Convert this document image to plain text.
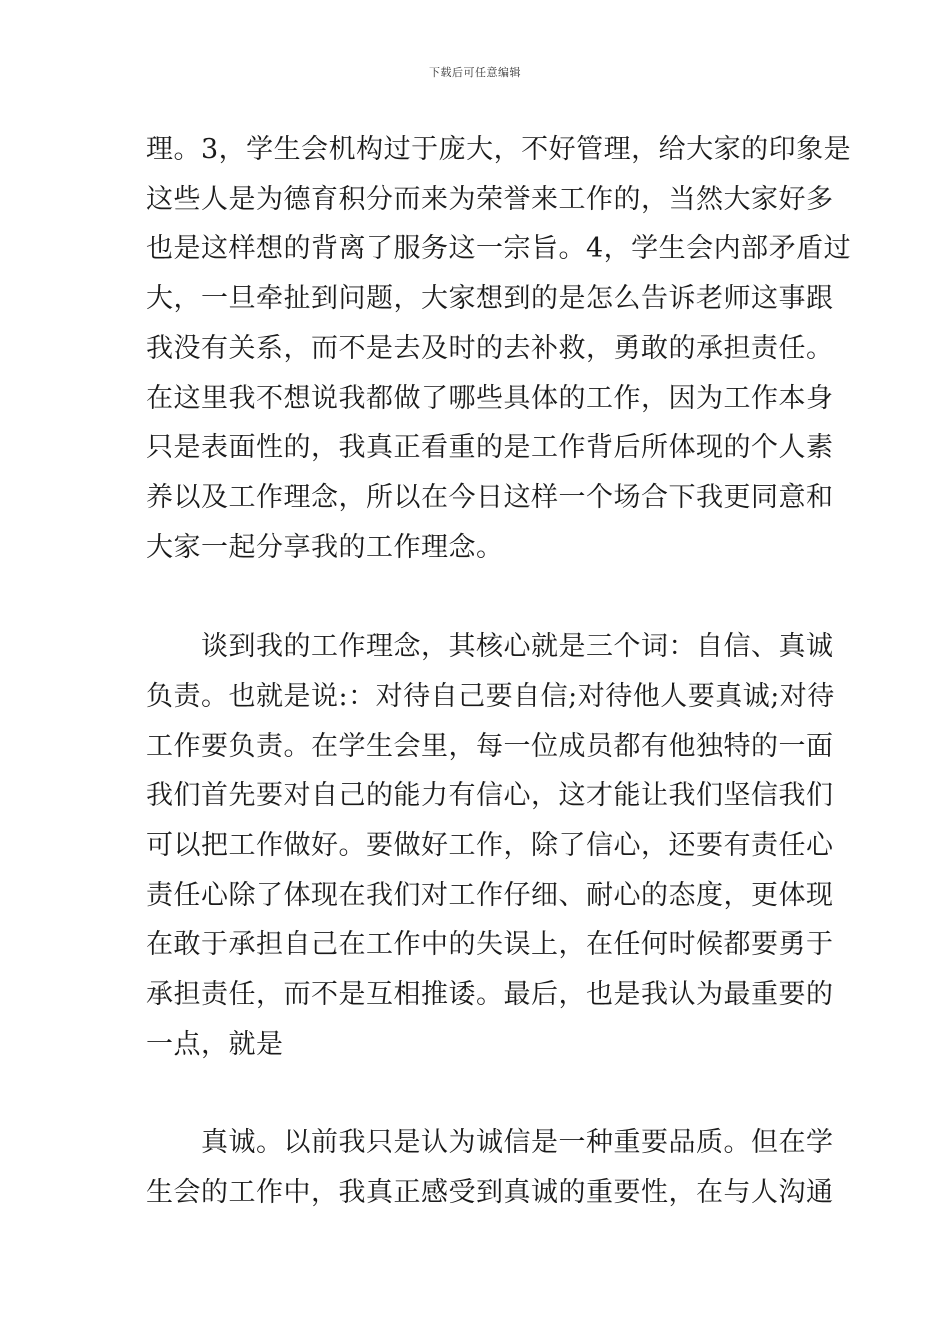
下载后可任意编辑
理。3，学生会机构过于庞大，不好管理，给大家的印象是
这些人是为德育积分而来为荣誉来工作的，当然大家好多
也是这样想的背离了服务这一宗旨。4，学生会内部矛盾过
大，一旦牵扯到问题，大家想到的是怎么告诉老师这事跟
我没有关系，而不是去及时的去补救，勇敢的承担责任。
在这里我不想说我都做了哪些具体的工作，因为工作本身
只是表面性的，我真正看重的是工作背后所体现的个人素
养以及工作理念，所以在今日这样一个场合下我更同意和
大家一起分享我的工作理念。
　　谈到我的工作理念，其核心就是三个词：自信、真诚
负责。也就是说:：对待自己要自信;对待他人要真诚;对待
工作要负责。在学生会里，每一位成员都有他独特的一面
我们首先要对自己的能力有信心，这才能让我们坚信我们
可以把工作做好。要做好工作，除了信心，还要有责任心
责任心除了体现在我们对工作仔细、耐心的态度，更体现
在敢于承担自己在工作中的失误上，在任何时候都要勇于
承担责任，而不是互相推诿。最后，也是我认为最重要的
一点，就是
　　真诚。以前我只是认为诚信是一种重要品质。但在学
生会的工作中，我真正感受到真诚的重要性，在与人沟通
